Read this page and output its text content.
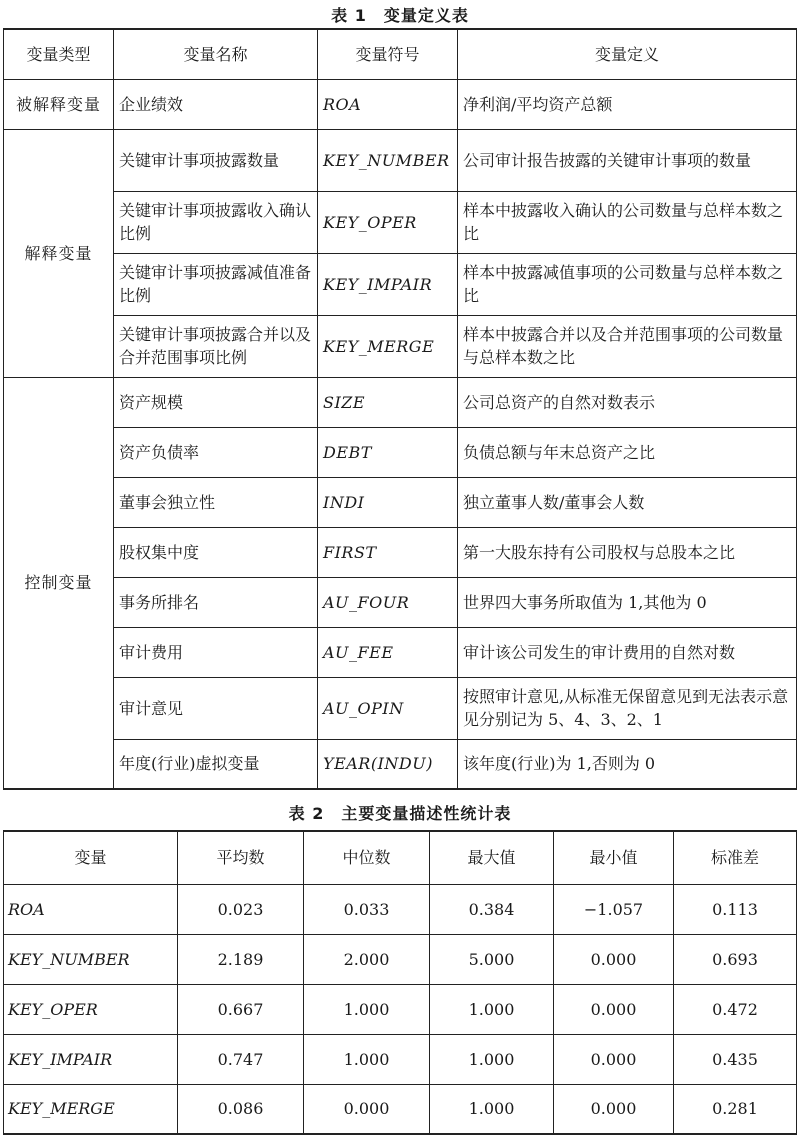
表 1　变量定义表
变量类型	变量名称	变量符号	变量定义
被解释变量	企业绩效	ROA	净利润/平均资产总额
解释变量	关键审计事项披露数量	KEY_NUMBER	公司审计报告披露的关键审计事项的数量
	关键审计事项披露收入确认比例	KEY_OPER	样本中披露收入确认的公司数量与总样本数之比
	关键审计事项披露减值准备比例	KEY_IMPAIR	样本中披露减值事项的公司数量与总样本数之比
	关键审计事项披露合并以及合并范围事项比例	KEY_MERGE	样本中披露合并以及合并范围事项的公司数量与总样本数之比
控制变量	资产规模	SIZE	公司总资产的自然对数表示
	资产负债率	DEBT	负债总额与年末总资产之比
	董事会独立性	INDI	独立董事人数/董事会人数
	股权集中度	FIRST	第一大股东持有公司股权与总股本之比
	事务所排名	AU_FOUR	世界四大事务所取值为 1,其他为 0
	审计费用	AU_FEE	审计该公司发生的审计费用的自然对数
	审计意见	AU_OPIN	按照审计意见,从标准无保留意见到无法表示意见分别记为 5、4、3、2、1
	年度(行业)虚拟变量	YEAR(INDU)	该年度(行业)为 1,否则为 0
表 2　主要变量描述性统计表
变量	平均数	中位数	最大值	最小值	标准差
ROA	0.023	0.033	0.384	−1.057	0.113
KEY_NUMBER	2.189	2.000	5.000	0.000	0.693
KEY_OPER	0.667	1.000	1.000	0.000	0.472
KEY_IMPAIR	0.747	1.000	1.000	0.000	0.435
KEY_MERGE	0.086	0.000	1.000	0.000	0.281
